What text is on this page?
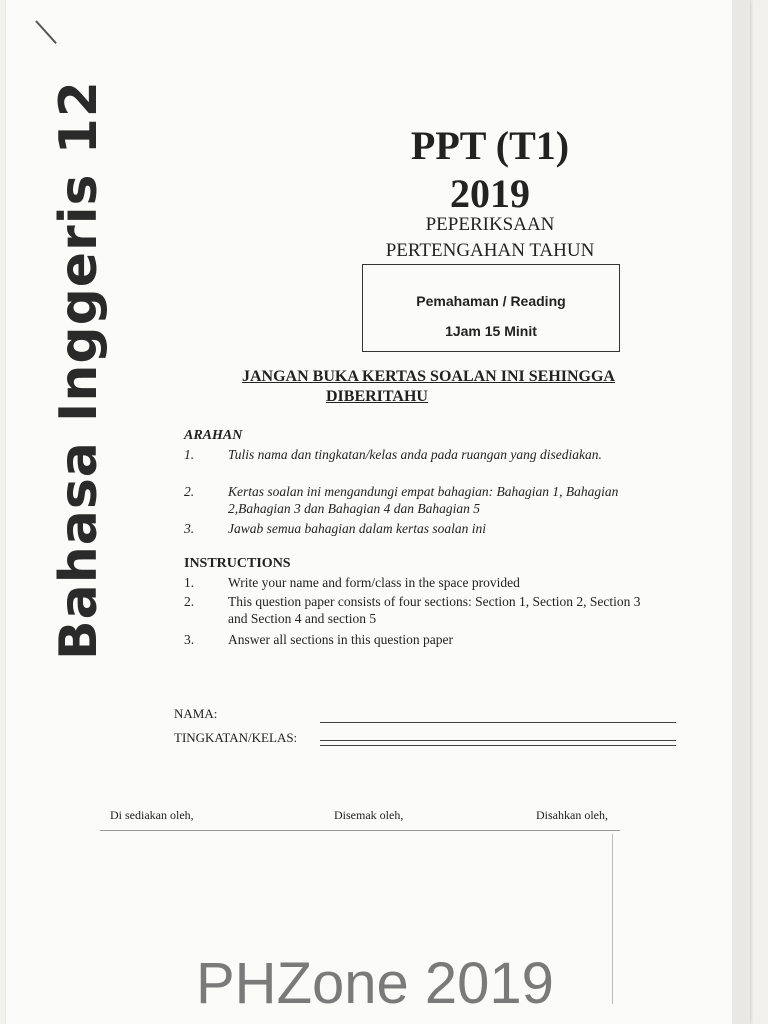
Bahasa Inggeris 12	PPT (T1)
2019
PEPERIKSAAN
PERTENGAHAN TAHUN
Pemahaman / Reading
1Jam 15 Minit
JANGAN BUKA KERTAS SOALAN INI SEHINGGA
DIBERITAHU
ARAHAN
1.	Tulis nama dan tingkatan/kelas anda pada ruangan yang disediakan.
2.	Kertas soalan ini mengandungi empat bahagian: Bahagian 1, Bahagian 2,Bahagian 3 dan Bahagian 4 dan Bahagian 5
3.	Jawab semua bahagian dalam kertas soalan ini
INSTRUCTIONS
1.	Write your name and form/class in the space provided
2.	This question paper consists of four sections: Section 1, Section 2, Section 3 and Section 4 and section 5
3.	Answer all sections in this question paper
NAMA:
TINGKATAN/KELAS:
Di sediakan oleh,	Disemak oleh,	Disahkan oleh,
PHZone 2019
